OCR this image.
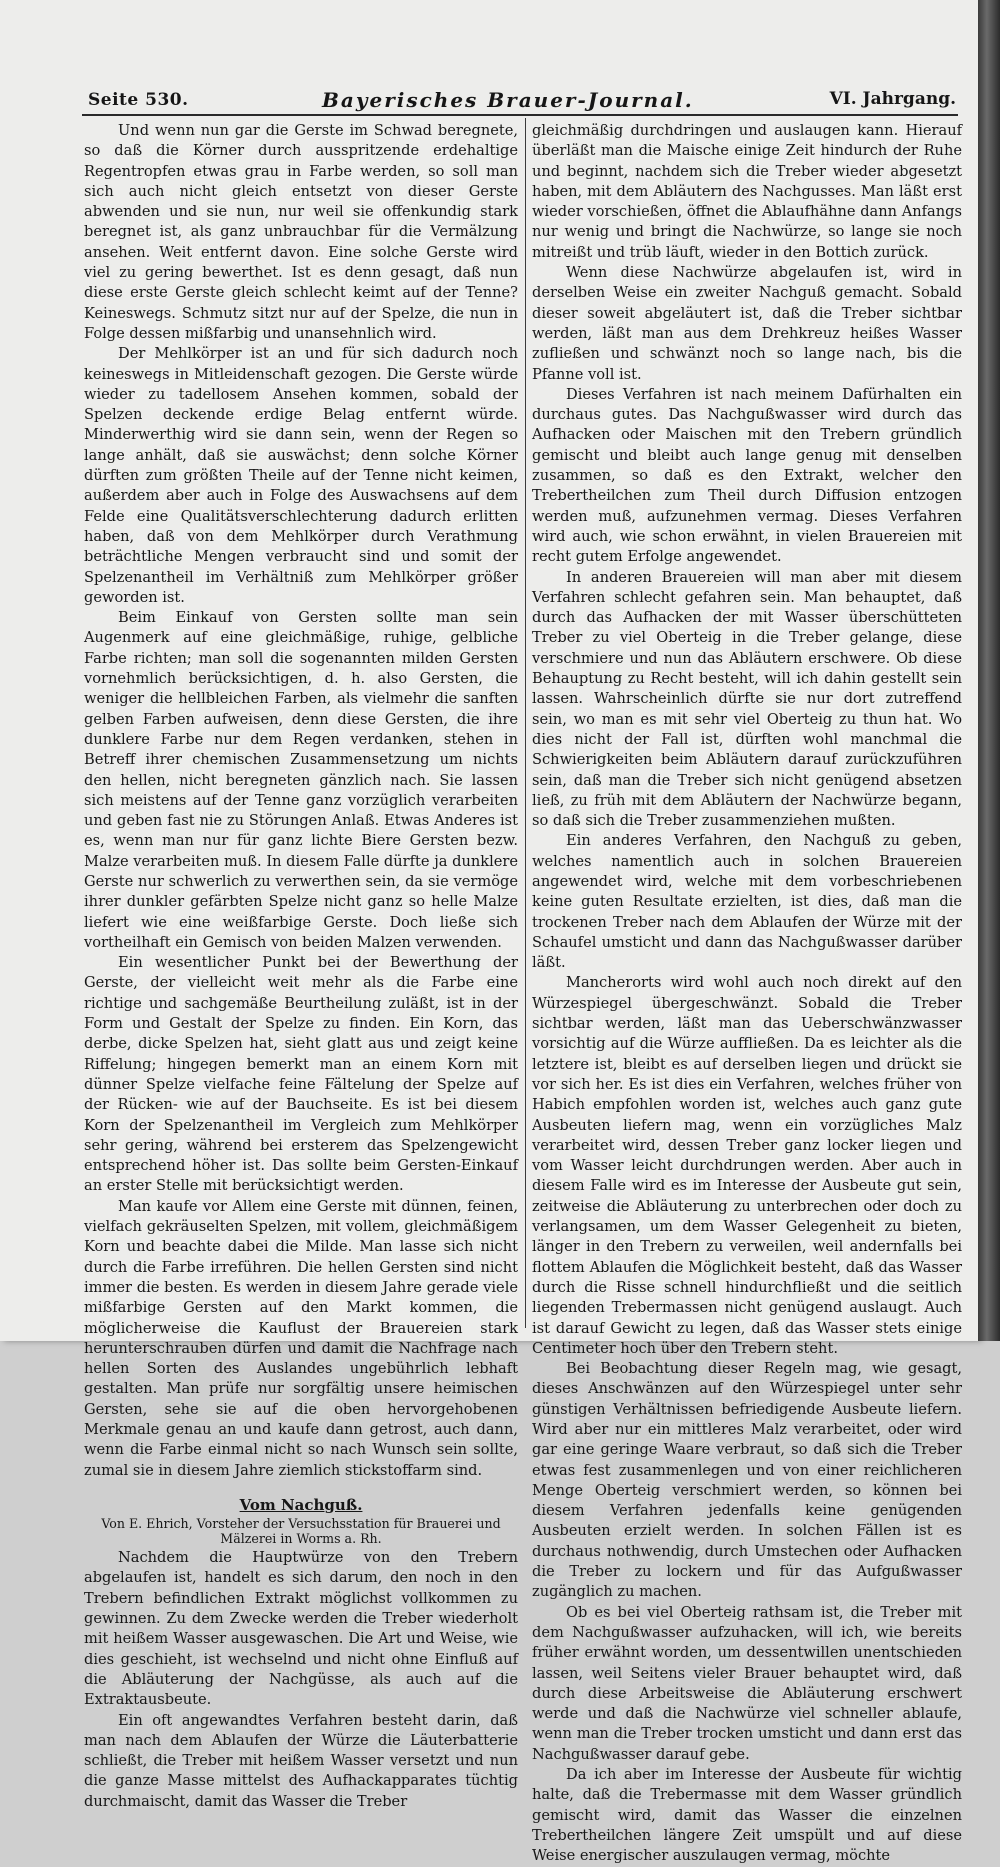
Seite 530.	Bayerisches Brauer-Journal.	VI. Jahrgang.

Und wenn nun gar die Gerste im Schwad beregnete, so daß die Körner durch ausspritzende erdehaltige Regentropfen etwas grau in Farbe werden, so soll man sich auch nicht gleich entsetzt von dieser Gerste abwenden und sie nun, nur weil sie offenkundig stark beregnet ist, als ganz unbrauchbar für die Vermälzung ansehen. Weit entfernt davon. Eine solche Gerste wird viel zu gering bewerthet. Ist es denn gesagt, daß nun diese erste Gerste gleich schlecht keimt auf der Tenne? Keineswegs. Schmutz sitzt nur auf der Spelze, die nun in Folge dessen mißfarbig und unansehnlich wird.

Der Mehlkörper ist an und für sich dadurch noch keineswegs in Mitleidenschaft gezogen. Die Gerste würde wieder zu tadellosem Ansehen kommen, sobald der Spelzen deckende erdige Belag entfernt würde. Minderwerthig wird sie dann sein, wenn der Regen so lange anhält, daß sie auswächst; denn solche Körner dürften zum größten Theile auf der Tenne nicht keimen, außerdem aber auch in Folge des Auswachsens auf dem Felde eine Qualitätsverschlechterung dadurch erlitten haben, daß von dem Mehlkörper durch Verathmung beträchtliche Mengen verbraucht sind und somit der Spelzenantheil im Verhältniß zum Mehlkörper größer geworden ist.

Beim Einkauf von Gersten sollte man sein Augenmerk auf eine gleichmäßige, ruhige, gelbliche Farbe richten; man soll die sogenannten milden Gersten vornehmlich berücksichtigen, d. h. also Gersten, die weniger die hellbleichen Farben, als vielmehr die sanften gelben Farben aufweisen, denn diese Gersten, die ihre dunklere Farbe nur dem Regen verdanken, stehen in Betreff ihrer chemischen Zusammensetzung um nichts den hellen, nicht beregneten gänzlich nach. Sie lassen sich meistens auf der Tenne ganz vorzüglich verarbeiten und geben fast nie zu Störungen Anlaß. Etwas Anderes ist es, wenn man nur für ganz lichte Biere Gersten bezw. Malze verarbeiten muß. In diesem Falle dürfte ja dunklere Gerste nur schwerlich zu verwerthen sein, da sie vermöge ihrer dunkler gefärbten Spelze nicht ganz so helle Malze liefert wie eine weißfarbige Gerste. Doch ließe sich vortheilhaft ein Gemisch von beiden Malzen verwenden.

Ein wesentlicher Punkt bei der Bewerthung der Gerste, der vielleicht weit mehr als die Farbe eine richtige und sachgemäße Beurtheilung zuläßt, ist in der Form und Gestalt der Spelze zu finden. Ein Korn, das derbe, dicke Spelzen hat, sieht glatt aus und zeigt keine Riffelung; hingegen bemerkt man an einem Korn mit dünner Spelze vielfache feine Fältelung der Spelze auf der Rücken- wie auf der Bauchseite. Es ist bei diesem Korn der Spelzenantheil im Vergleich zum Mehlkörper sehr gering, während bei ersterem das Spelzengewicht entsprechend höher ist. Das sollte beim Gersten-Einkauf an erster Stelle mit berücksichtigt werden.

Man kaufe vor Allem eine Gerste mit dünnen, feinen, vielfach gekräuselten Spelzen, mit vollem, gleichmäßigem Korn und beachte dabei die Milde. Man lasse sich nicht durch die Farbe irreführen. Die hellen Gersten sind nicht immer die besten. Es werden in diesem Jahre gerade viele mißfarbige Gersten auf den Markt kommen, die möglicherweise die Kauflust der Brauereien stark herunterschrauben dürfen und damit die Nachfrage nach hellen Sorten des Auslandes ungebührlich lebhaft gestalten. Man prüfe nur sorgfältig unsere heimischen Gersten, sehe sie auf die oben hervorgehobenen Merkmale genau an und kaufe dann getrost, auch dann, wenn die Farbe einmal nicht so nach Wunsch sein sollte, zumal sie in diesem Jahre ziemlich stickstoffarm sind.

Vom Nachguß.
Von E. Ehrich, Vorsteher der Versuchsstation für Brauerei und Mälzerei in Worms a. Rh.

Nachdem die Hauptwürze von den Trebern abgelaufen ist, handelt es sich darum, den noch in den Trebern befindlichen Extrakt möglichst vollkommen zu gewinnen. Zu dem Zwecke werden die Treber wiederholt mit heißem Wasser ausgewaschen. Die Art und Weise, wie dies geschieht, ist wechselnd und nicht ohne Einfluß auf die Abläuterung der Nachgüsse, als auch auf die Extraktausbeute.

Ein oft angewandtes Verfahren besteht darin, daß man nach dem Ablaufen der Würze die Läuterbatterie schließt, die Treber mit heißem Wasser versetzt und nun die ganze Masse mittelst des Aufhackapparates tüchtig durchmaischt, damit das Wasser die Treber

gleichmäßig durchdringen und auslaugen kann. Hierauf überläßt man die Maische einige Zeit hindurch der Ruhe und beginnt, nachdem sich die Treber wieder abgesetzt haben, mit dem Abläutern des Nachgusses. Man läßt erst wieder vorschießen, öffnet die Ablaufhähne dann Anfangs nur wenig und bringt die Nachwürze, so lange sie noch mitreißt und trüb läuft, wieder in den Bottich zurück.

Wenn diese Nachwürze abgelaufen ist, wird in derselben Weise ein zweiter Nachguß gemacht. Sobald dieser soweit abgeläutert ist, daß die Treber sichtbar werden, läßt man aus dem Drehkreuz heißes Wasser zufließen und schwänzt noch so lange nach, bis die Pfanne voll ist.

Dieses Verfahren ist nach meinem Dafürhalten ein durchaus gutes. Das Nachgußwasser wird durch das Aufhacken oder Maischen mit den Trebern gründlich gemischt und bleibt auch lange genug mit denselben zusammen, so daß es den Extrakt, welcher den Trebertheilchen zum Theil durch Diffusion entzogen werden muß, aufzunehmen vermag. Dieses Verfahren wird auch, wie schon erwähnt, in vielen Brauereien mit recht gutem Erfolge angewendet.

In anderen Brauereien will man aber mit diesem Verfahren schlecht gefahren sein. Man behauptet, daß durch das Aufhacken der mit Wasser überschütteten Treber zu viel Oberteig in die Treber gelange, diese verschmiere und nun das Abläutern erschwere. Ob diese Behauptung zu Recht besteht, will ich dahin gestellt sein lassen. Wahrscheinlich dürfte sie nur dort zutreffend sein, wo man es mit sehr viel Oberteig zu thun hat. Wo dies nicht der Fall ist, dürften wohl manchmal die Schwierigkeiten beim Abläutern darauf zurückzuführen sein, daß man die Treber sich nicht genügend absetzen ließ, zu früh mit dem Abläutern der Nachwürze begann, so daß sich die Treber zusammenziehen mußten.

Ein anderes Verfahren, den Nachguß zu geben, welches namentlich auch in solchen Brauereien angewendet wird, welche mit dem vorbeschriebenen keine guten Resultate erzielten, ist dies, daß man die trockenen Treber nach dem Ablaufen der Würze mit der Schaufel umsticht und dann das Nachgußwasser darüber läßt.

Mancherorts wird wohl auch noch direkt auf den Würzespiegel übergeschwänzt. Sobald die Treber sichtbar werden, läßt man das Ueberschwänzwasser vorsichtig auf die Würze auffließen. Da es leichter als die letztere ist, bleibt es auf derselben liegen und drückt sie vor sich her. Es ist dies ein Verfahren, welches früher von Habich empfohlen worden ist, welches auch ganz gute Ausbeuten liefern mag, wenn ein vorzügliches Malz verarbeitet wird, dessen Treber ganz locker liegen und vom Wasser leicht durchdrungen werden. Aber auch in diesem Falle wird es im Interesse der Ausbeute gut sein, zeitweise die Abläuterung zu unterbrechen oder doch zu verlangsamen, um dem Wasser Gelegenheit zu bieten, länger in den Trebern zu verweilen, weil andernfalls bei flottem Ablaufen die Möglichkeit besteht, daß das Wasser durch die Risse schnell hindurchfließt und die seitlich liegenden Trebermassen nicht genügend auslaugt. Auch ist darauf Gewicht zu legen, daß das Wasser stets einige Centimeter hoch über den Trebern steht.

Bei Beobachtung dieser Regeln mag, wie gesagt, dieses Anschwänzen auf den Würzespiegel unter sehr günstigen Verhältnissen befriedigende Ausbeute liefern. Wird aber nur ein mittleres Malz verarbeitet, oder wird gar eine geringe Waare verbraut, so daß sich die Treber etwas fest zusammenlegen und von einer reichlicheren Menge Oberteig verschmiert werden, so können bei diesem Verfahren jedenfalls keine genügenden Ausbeuten erzielt werden. In solchen Fällen ist es durchaus nothwendig, durch Umstechen oder Aufhacken die Treber zu lockern und für das Aufgußwasser zugänglich zu machen.

Ob es bei viel Oberteig rathsam ist, die Treber mit dem Nachgußwasser aufzuhacken, will ich, wie bereits früher erwähnt worden, um dessentwillen unentschieden lassen, weil Seitens vieler Brauer behauptet wird, daß durch diese Arbeitsweise die Abläuterung erschwert werde und daß die Nachwürze viel schneller ablaufe, wenn man die Treber trocken umsticht und dann erst das Nachgußwasser darauf gebe.

Da ich aber im Interesse der Ausbeute für wichtig halte, daß die Trebermasse mit dem Wasser gründlich gemischt wird, damit das Wasser die einzelnen Trebertheilchen längere Zeit umspült und auf diese Weise energischer auszulaugen vermag, möchte
